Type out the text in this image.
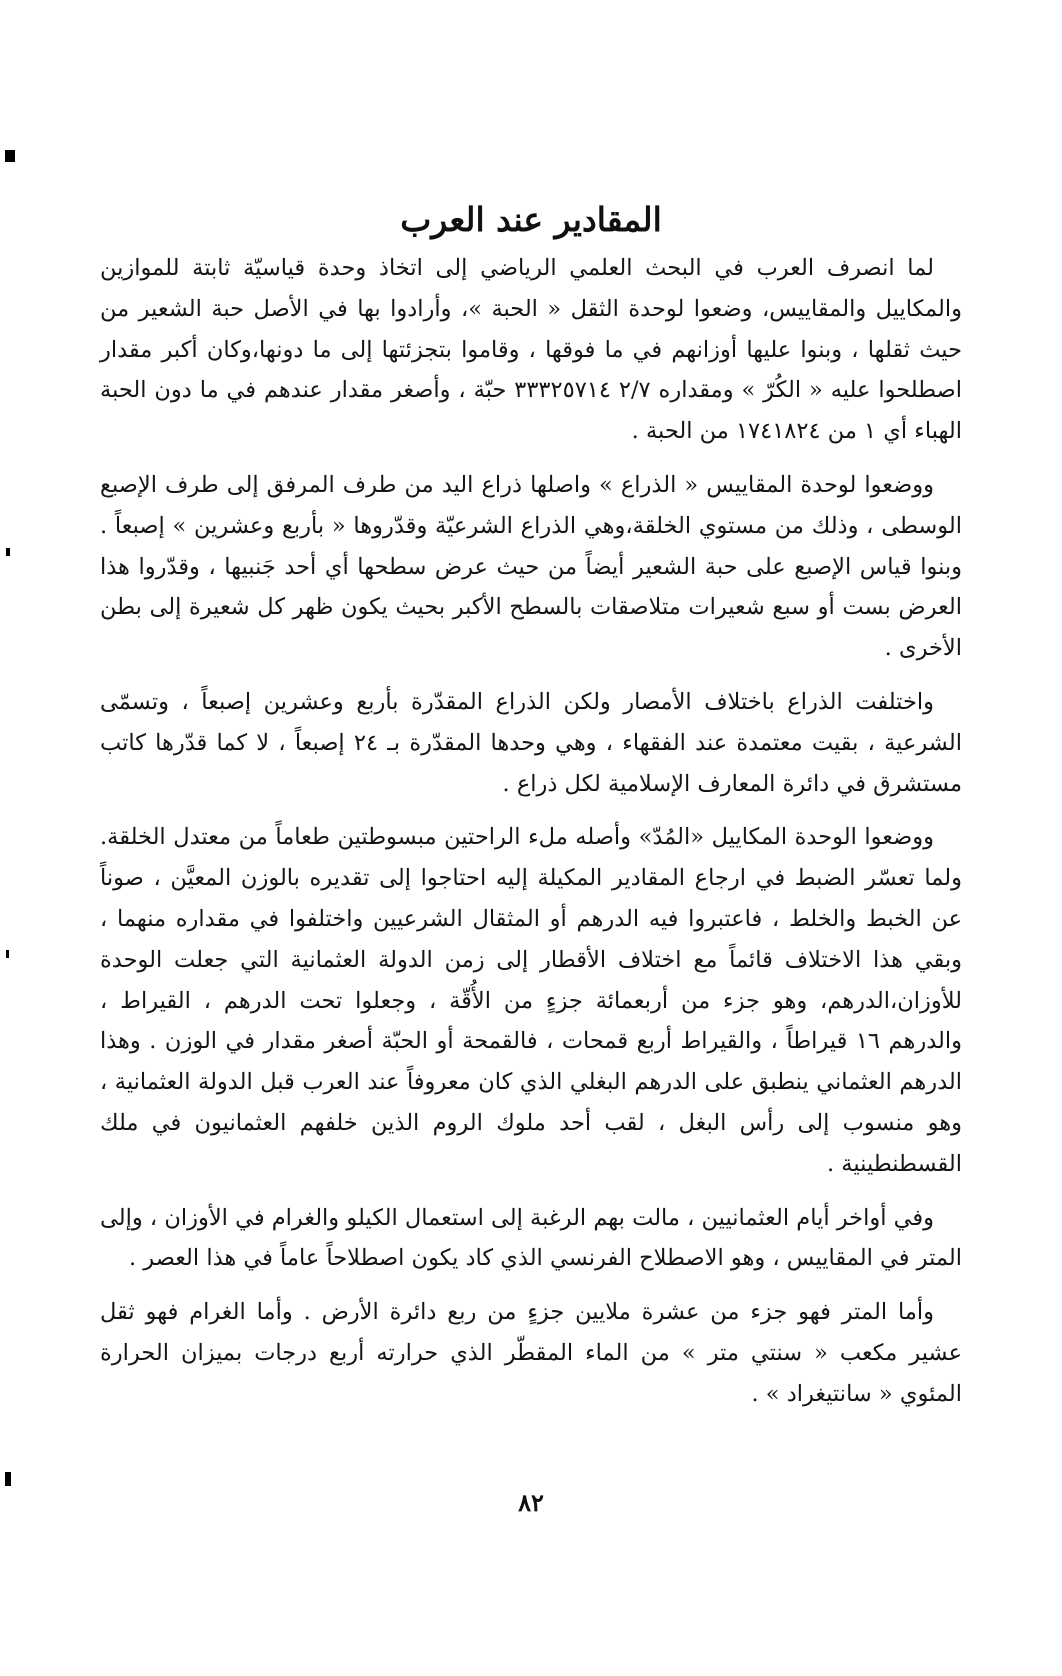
المقادير عند العرب

لما انصرف العرب في البحث العلمي الرياضي إلى اتخاذ وحدة قياسيّة ثابتة للموازين والمكاييل والمقاييس، وضعوا لوحدة الثقل « الحبة »، وأرادوا بها في الأصل حبة الشعير من حيث ثقلها ، وبنوا عليها أوزانهم في ما فوقها ، وقاموا بتجزئتها إلى ما دونها،وكان أكبر مقدار اصطلحوا عليه « الكُرّ » ومقداره ٢/٧ ٣٣٣٢٥٧١٤ حبّة ، وأصغر مقدار عندهم في ما دون الحبة الهباء أي ١ من ١٧٤١٨٢٤ من الحبة .

ووضعوا لوحدة المقاييس « الذراع » واصلها ذراع اليد من طرف المرفق إلى طرف الإصبع الوسطى ، وذلك من مستوي الخلقة،وهي الذراع الشرعيّة وقدّروها « بأربع وعشرين » إصبعاً . وبنوا قياس الإصبع على حبة الشعير أيضاً من حيث عرض سطحها أي أحد جَنبيها ، وقدّروا هذا العرض بست أو سبع شعيرات متلاصقات بالسطح الأكبر بحيث يكون ظهر كل شعيرة إلى بطن الأخرى .

واختلفت الذراع باختلاف الأمصار ولكن الذراع المقدّرة بأربع وعشرين إصبعاً ، وتسمّى الشرعية ، بقيت معتمدة عند الفقهاء ، وهي وحدها المقدّرة بـ ٢٤ إصبعاً ، لا كما قدّرها كاتب مستشرق في دائرة المعارف الإسلامية لكل ذراع .

ووضعوا الوحدة المكاييل «المُدّ» وأصله ملء الراحتين مبسوطتين طعاماً من معتدل الخلقة. ولما تعسّر الضبط في ارجاع المقادير المكيلة إليه احتاجوا إلى تقديره بالوزن المعيَّن ، صوناً عن الخبط والخلط ، فاعتبروا فيه الدرهم أو المثقال الشرعيين واختلفوا في مقداره منهما ، وبقي هذا الاختلاف قائماً مع اختلاف الأقطار إلى زمن الدولة العثمانية التي جعلت الوحدة للأوزان،الدرهم، وهو جزء من أربعمائة جزءٍ من الأُقّة ، وجعلوا تحت الدرهم ، القيراط ، والدرهم ١٦ قيراطاً ، والقيراط أربع قمحات ، فالقمحة أو الحبّة أصغر مقدار في الوزن . وهذا الدرهم العثماني ينطبق على الدرهم البغلي الذي كان معروفاً عند العرب قبل الدولة العثمانية ، وهو منسوب إلى رأس البغل ، لقب أحد ملوك الروم الذين خلفهم العثمانيون في ملك القسطنطينية .

وفي أواخر أيام العثمانيين ، مالت بهم الرغبة إلى استعمال الكيلو والغرام في الأوزان ، وإلى المتر في المقاييس ، وهو الاصطلاح الفرنسي الذي كاد يكون اصطلاحاً عاماً في هذا العصر .

وأما المتر فهو جزء من عشرة ملايين جزءٍ من ربع دائرة الأرض . وأما الغرام فهو ثقل عشير مكعب « سنتي متر » من الماء المقطّر الذي حرارته أربع درجات بميزان الحرارة المئوي « سانتيغراد » .

٨٢
